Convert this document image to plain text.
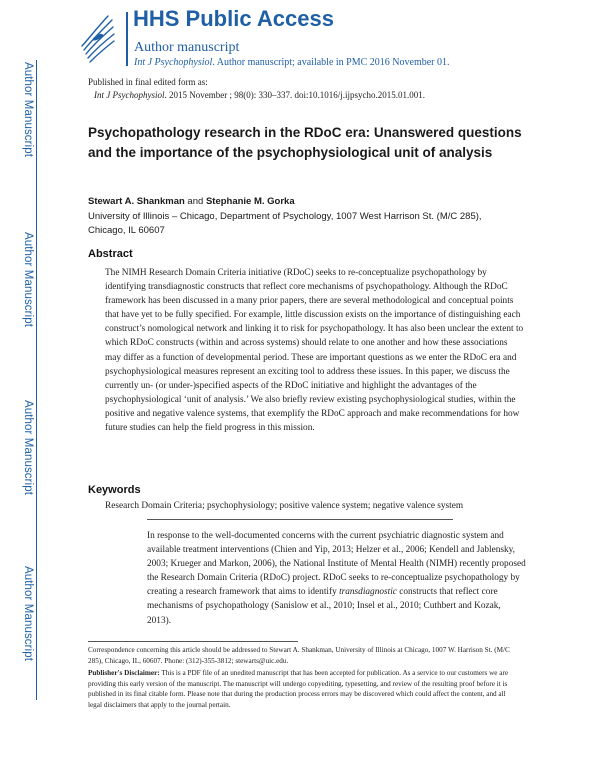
Author Manuscript
Author Manuscript
Author Manuscript
Author Manuscript
HHS Public Access
Author manuscript
Int J Psychophysiol. Author manuscript; available in PMC 2016 November 01.
Published in final edited form as:
Int J Psychophysiol. 2015 November ; 98(0): 330–337. doi:10.1016/j.ijpsycho.2015.01.001.
Psychopathology research in the RDoC era: Unanswered questions and the importance of the psychophysiological unit of analysis
Stewart A. Shankman and Stephanie M. Gorka
University of Illinois – Chicago, Department of Psychology, 1007 West Harrison St. (M/C 285), Chicago, IL 60607
Abstract
The NIMH Research Domain Criteria initiative (RDoC) seeks to re-conceptualize psychopathology by identifying transdiagnostic constructs that reflect core mechanisms of psychopathology. Although the RDoC framework has been discussed in a many prior papers, there are several methodological and conceptual points that have yet to be fully specified. For example, little discussion exists on the importance of distinguishing each construct’s nomological network and linking it to risk for psychopathology. It has also been unclear the extent to which RDoC constructs (within and across systems) should relate to one another and how these associations may differ as a function of developmental period. These are important questions as we enter the RDoC era and psychophysiological measures represent an exciting tool to address these issues. In this paper, we discuss the currently un- (or under-)specified aspects of the RDoC initiative and highlight the advantages of the psychophysiological ‘unit of analysis.’ We also briefly review existing psychophysiological studies, within the positive and negative valence systems, that exemplify the RDoC approach and make recommendations for how future studies can help the field progress in this mission.
Keywords
Research Domain Criteria; psychophysiology; positive valence system; negative valence system
In response to the well-documented concerns with the current psychiatric diagnostic system and available treatment interventions (Chien and Yip, 2013; Helzer et al., 2006; Kendell and Jablensky, 2003; Krueger and Markon, 2006), the National Institute of Mental Health (NIMH) recently proposed the Research Domain Criteria (RDoC) project. RDoC seeks to re-conceptualize psychopathology by creating a research framework that aims to identify transdiagnostic constructs that reflect core mechanisms of psychopathology (Sanislow et al., 2010; Insel et al., 2010; Cuthbert and Kozak, 2013).
Correspondence concerning this article should be addressed to Stewart A. Shankman, University of Illinois at Chicago, 1007 W. Harrison St. (M/C 285), Chicago, IL, 60607. Phone: (312)-355-3812; stewarts@uic.edu.
Publisher's Disclaimer: This is a PDF file of an unedited manuscript that has been accepted for publication. As a service to our customers we are providing this early version of the manuscript. The manuscript will undergo copyediting, typesetting, and review of the resulting proof before it is published in its final citable form. Please note that during the production process errors may be discovered which could affect the content, and all legal disclaimers that apply to the journal pertain.
